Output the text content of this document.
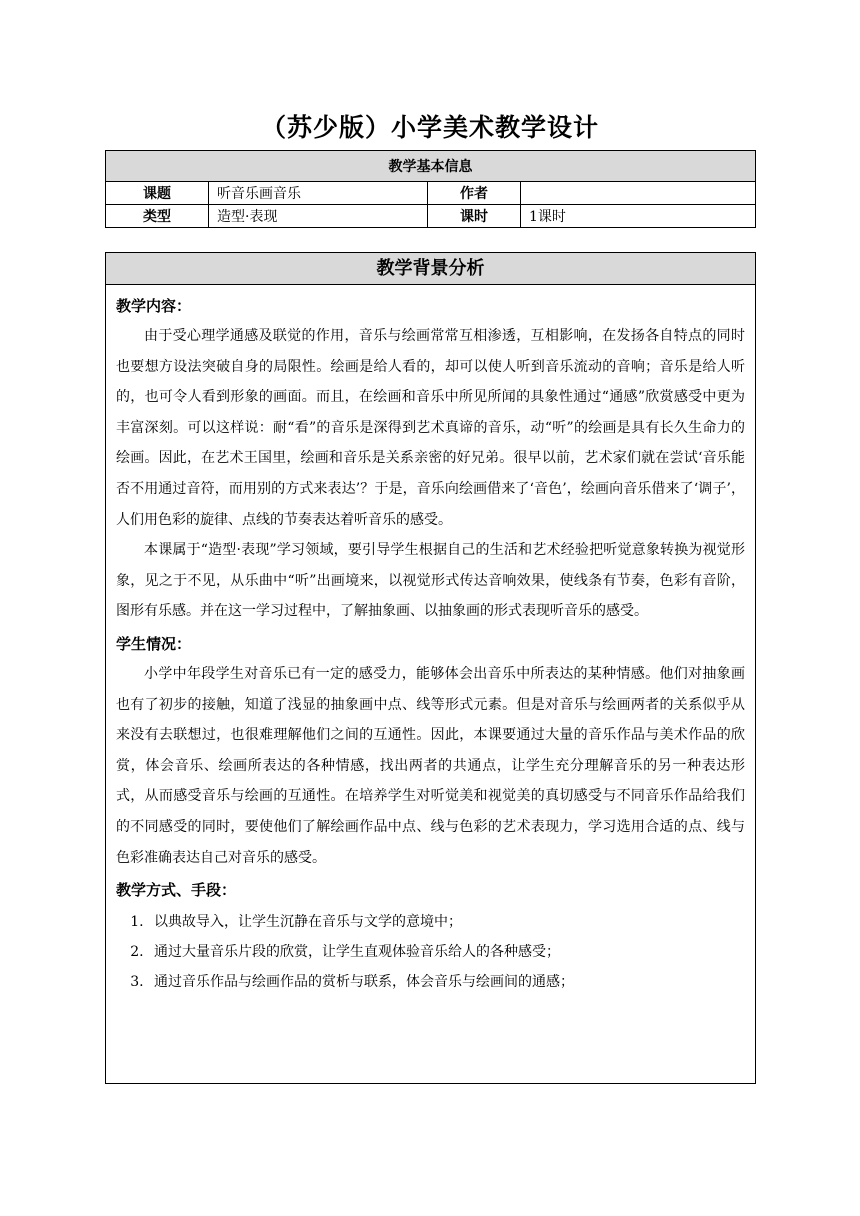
（苏少版）小学美术教学设计
教学基本信息			
课题	听音乐画音乐	作者	
类型	造型·表现	课时	1课时
教学背景分析
教学内容：

由于受心理学通感及联觉的作用，音乐与绘画常常互相渗透，互相影响，在发扬各自特点的同时也要想方设法突破自身的局限性。绘画是给人看的，却可以使人听到音乐流动的音响；音乐是给人听的，也可令人看到形象的画面。而且，在绘画和音乐中所见所闻的具象性通过“通感”欣赏感受中更为丰富深刻。可以这样说：耐“看”的音乐是深得到艺术真谛的音乐，动“听”的绘画是具有长久生命力的绘画。因此，在艺术王国里，绘画和音乐是关系亲密的好兄弟。很早以前，艺术家们就在尝试‘音乐能否不用通过音符，而用别的方式来表达’？于是，音乐向绘画借来了‘音色’，绘画向音乐借来了‘调子’，人们用色彩的旋律、点线的节奏表达着听音乐的感受。

本课属于“造型·表现”学习领域，要引导学生根据自己的生活和艺术经验把听觉意象转换为视觉形象，见之于不见，从乐曲中“听”出画境来，以视觉形式传达音响效果，使线条有节奏，色彩有音阶，图形有乐感。并在这一学习过程中，了解抽象画、以抽象画的形式表现听音乐的感受。

学生情况：

小学中年段学生对音乐已有一定的感受力，能够体会出音乐中所表达的某种情感。他们对抽象画也有了初步的接触，知道了浅显的抽象画中点、线等形式元素。但是对音乐与绘画两者的关系似乎从来没有去联想过，也很难理解他们之间的互通性。因此，本课要通过大量的音乐作品与美术作品的欣赏，体会音乐、绘画所表达的各种情感，找出两者的共通点，让学生充分理解音乐的另一种表达形式，从而感受音乐与绘画的互通性。在培养学生对听觉美和视觉美的真切感受与不同音乐作品给我们的不同感受的同时，要使他们了解绘画作品中点、线与色彩的艺术表现力，学习选用合适的点、线与色彩准确表达自己对音乐的感受。

教学方式、手段：
1. 以典故导入，让学生沉静在音乐与文学的意境中；
2. 通过大量音乐片段的欣赏，让学生直观体验音乐给人的各种感受；
3. 通过音乐作品与绘画作品的赏析与联系，体会音乐与绘画间的通感；
